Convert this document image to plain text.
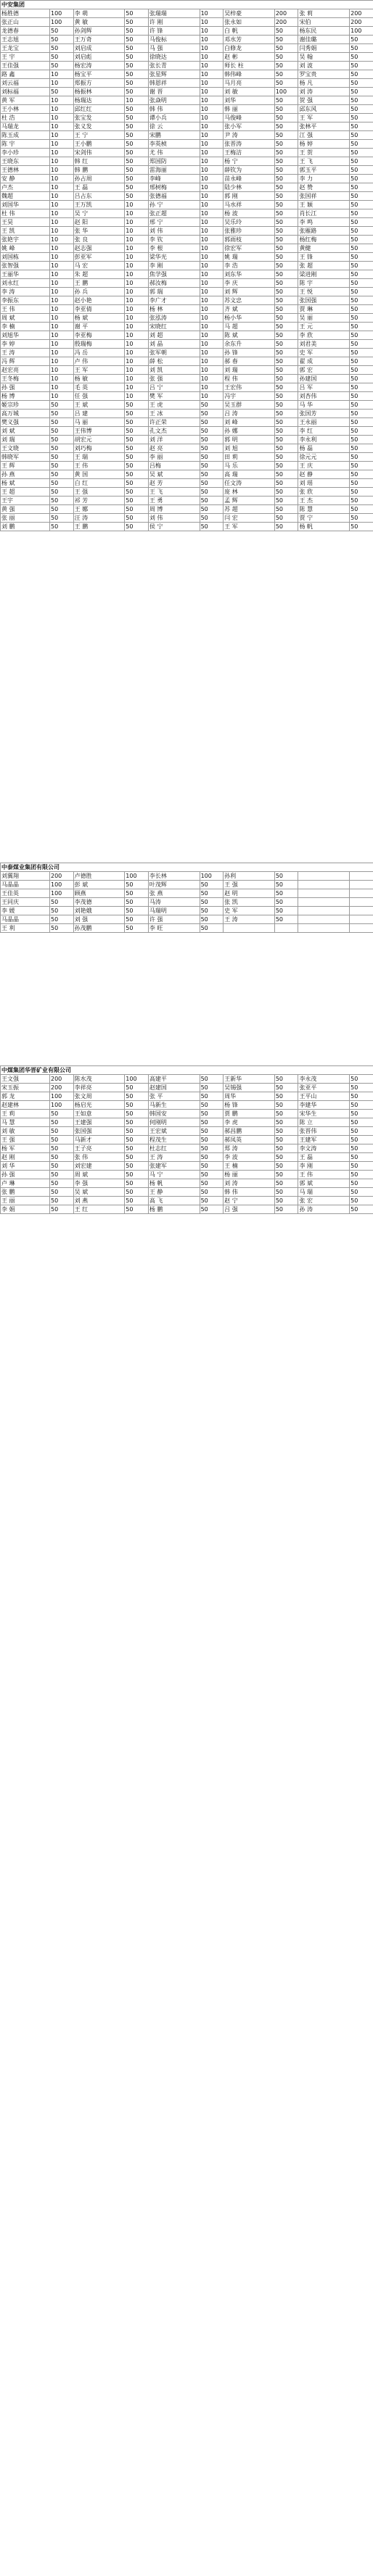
中安集团									
杨胜德	100	李 萌	50	张瑞瑞	10	吴梓豪	200	张 莉	200
张正山	100	黄 敏	50	许 刚	10	张永如	200	宋伯	200
龙德春	50	孙剑辉	50	许 锋	10	白 帆	50	杨东民	100
王志旭	50	王万奇	50	马俊标	10	邓水芳	50	谢佳璐	50
王龙宝	50	刘启成	50	马 强	10	白修龙	50	闫秀娟	50
王 宇	50	刘启彪	50	徐晓达	10	赵 彬	50	吴 翰	50
王佳强	50	杨宏涛	50	张长青	10	师长 柱	50	刘 波	50
路 鑫	10	杨宝平	50	张星辉	10	韩伟峰	50	罗宝贵	50
刘云福	10	郑振方	50	韩恩祥	10	马月亮	50	杨 凡	50
刘标福	50	杨振林	50	谢 晋	10	刘 敏	100	刘 涛	50
黄 军	10	杨瑞达	10	张焱明	10	刘华	50	贺 强	50
王小林	10	邱红红	50	韩 伟	10	韩 丽	50	邱东风	50
杜 浩	10	张宝发	50	谭小兵	10	马俊峰	50	王 军	50
马瑞龙	10	张义发	50	徐 云	10	张小军	50	张林平	50
陈玉成	10	王 宁	50	宋鹏	10	尹 涛	50	江 强	50
陈 宇	10	王小鹏	50	李英桢	10	张晋涛	50	杨 婷	50
李小珍	10	宋剑伟	50	尤 伟	10	王梅洁	50	王 贺	50
王晓东	10	韩 红	50	郑国防	10	杨 宁	50	王 飞	50
王德林	10	韩 鹏	50	雷海丽	10	薛钦为	50	郭玉平	50
安 静	10	孙占周	50	李峰	10	苗永峰	50	李 力	50
卢杰	10	王 磊	50	邢树梅	10	陆少林	50	赵 赞	50
魏超	10	吕占东	50	张德福	10	郭 刚	50	张国祥	50
刘国华	10	王万凯	10	孙 宁	10	马水祥	50	王 颖	50
杜 伟	10	吴 宁	10	张正超	10	杨 波	50	肖长江	50
王昊	10	赵 阳	10	邢 宁	10	吴乐玲	50	李 鸣	50
王 凯	10	张 华	10	刘 伟	10	张雅珍	50	张雁路	50
张艳宇	10	张 良	10	李 钦	10	郭雨枝	50	杨红梅	50
姚 峰	10	赵志强	10	李 根	10	徐宏军	50	黄健	50
刘国栋	10	彭亚军	10	梁华光	10	姚 瑞	50	王 锋	50
张智强	10	马 宏	10	李 刚	10	李 浩	50	张 超	50
王丽华	10	朱 超	10	焦学强	10	刘东华	50	梁进刚	50
刘永红	10	王 鹏	10	郝汝梅	10	李 庆	50	陈 宇	50
李 涛	10	孙 兵	10	郭 瑞	10	刘 辉	50	王 悦	50
李振东	10	赵小艳	10	李广才	10	苏文忠	50	张国强	50
王 伟	10	李亚倩	10	杨 林	10	齐 斌	50	贾 琳	50
周 斌	10	杨 斌	10	张泓涛	10	杨小华	50	吴 丽	50
李 楠	10	谢 平	10	宋晓红	10	马 超	50	王 元	50
刘旭华	10	李亚梅	10	刘 超	10	陈 斌	50	李 欣	50
李 婷	10	殷瑞梅	10	刘 晶	10	余东升	50	刘君美	50
王 涛	10	冯 岳	10	张军朝	10	孙 锋	50	史 军	50
冯 辉	10	卢 伟	10	薛 松	10	郝 春	50	翟 成	50
赵宏亮	10	王 军	10	刘 凯	10	刘 瑞	50	郭 宏	50
王冬梅	10	杨 敏	10	张 强	10	程 伟	50	孙建国	50
孙 强	10	毛 英	10	吕 宁	10	王宏伟	50	吕 军	50
杨 博	10	任 强	10	樊 军	10	冯宇	50	刘杏伟	50
姬宗珍	50	王 斌	50	王 虎	50	吴玉群	50	马 华	50
高万城	50	吕 建	50	王 冰	50	吕 涛	50	张国芳	50
樊义强	50	马 丽	50	许正荣	50	刘 峰	50	王永丽	50
刘 斌	50	王伟博	50	孔文杰	50	孙 娜	50	李 红	50
刘 瑞	50	胡宏元	50	刘 洋	50	郭 明	50	李永利	50
王文晓	50	刘巧梅	50	赵 亮	50	刘 旭	50	杨 磊	50
韩晓军	50	王 瑞	50	李 丽	50	田 莉	50	徐元元	50
王 辉	50	王 伟	50	吕梅	50	马 乐	50	王 庆	50
孙 燕	50	黄 国	50	吴 斌	50	高 瑞	50	赵 静	50
杨 斌	50	白 红	50	赵 芳	50	任文涛	50	刘 瑶	50
王 超	50	王 强	50	王 飞	50	庞 林	50	张 欣	50
王宇	50	祁 芳	50	王 勇	50	孟 辉	50	王 杰	50
黄 强	50	王 娜	50	周 博	50	苏 超	50	陈 慧	50
张 丽	50	汪 涛	50	刘 伟	50	闫 宏	50	贾 宁	50
刘 鹏	50	王 鹏	50	侯 宁	50	王 军	50	杨 帆	50
中泰煤业集团有限公司									
刘翼翔	200	卢德胜	100	李长林	100	孙利	50		
马晶晶	100	彭 斌	50	叶茂辉	50	王 强	50		
王佳英	100	顾燕	50	张 燕	50	赵 明	50		
王同庆	50	李茂德	50	马涛	50	张 凯	50		
李 媛	50	刘艳娥	50	马瑞明	50	史 军	50		
马晶晶	50	刘 强	50	许 强	50	王 涛	50		
王 利	50	孙茂鹏	50	李 旺	50				
中煤集团华晋矿业有限公司									
王文强	200	陈水茂	100	高建平	50	王新华	50	李永茂	50
宋玉振	200	李祥亮	50	赵建国	50	吴锡强	50	张亚平	50
郭 龙	100	张文周	50	张 平	50	周华	50	王平山	50
赵建林	100	杨启光	50	马新生	50	杨 锋	50	李建华	50
王 莉	50	王如意	50	韩国安	50	贾 鹏	50	宋华生	50
马 慧	50	王建强	50	何刚明	50	李 虎	50	陈 立	50
刘 敏	50	张国强	50	王宏斌	50	郝昌鹏	50	张晋伟	50
王 强	50	马新才	50	程茂生	50	郝凤英	50	王建军	50
杨 军	50	王子亮	50	杜志红	50	郑 涛	50	李文涛	50
赵 刚	50	张 伟	50	王 涛	50	李 波	50	王 磊	50
刘 华	50	刘宏建	50	张建军	50	王 楠	50	李 刚	50
孙 强	50	周 斌	50	马 宁	50	杨 丽	50	王 伟	50
卢 琳	50	李 强	50	杨 帆	50	刘 涛	50	郭 斌	50
张 鹏	50	吴 斌	50	王 静	50	韩 伟	50	马 瑞	50
王 丽	50	刘 燕	50	高 飞	50	赵 宁	50	张 宏	50
李 娟	50	王 红	50	杨 鹏	50	吕 强	50	孙 涛	50
